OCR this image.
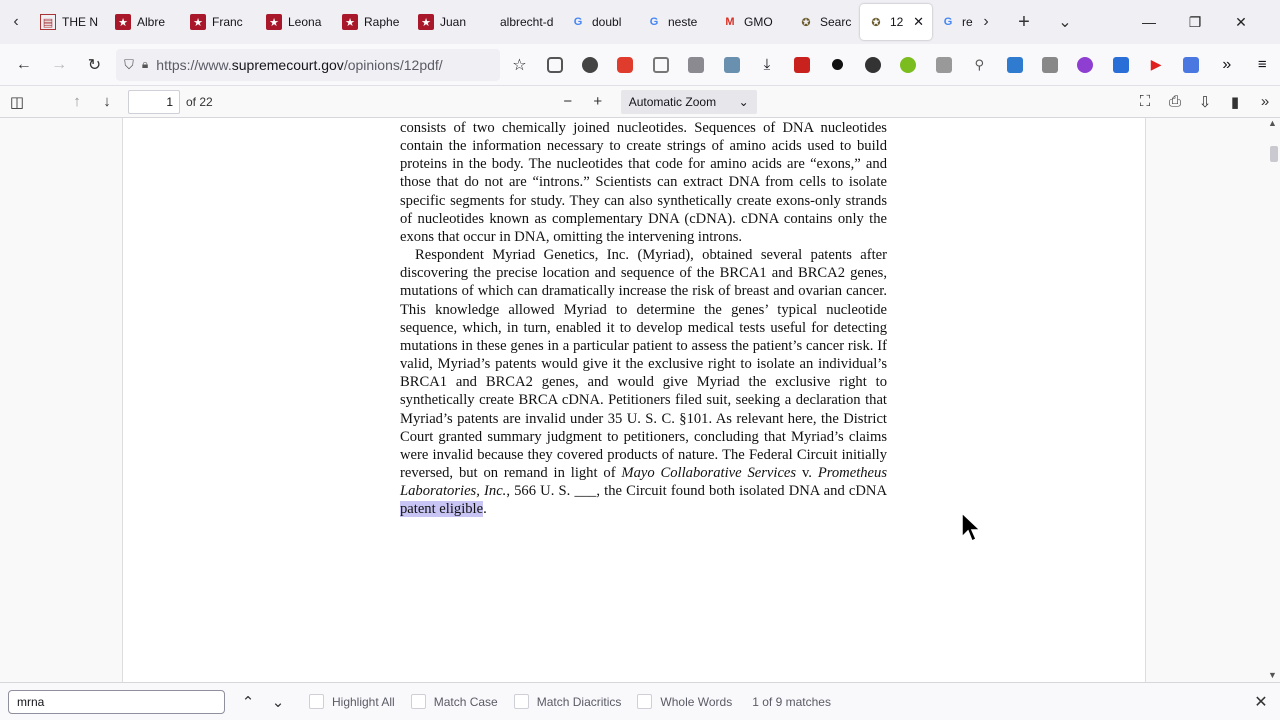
‹ ▤ THE N ★ Albre	★ Franc ★ Leona ★ Raphe ★ Juan	albrecht-d	G doubl	G neste	M GMO	✪ Searc	✪ 12 ✕	G re › + ⌄	— ❐ ✕
← → ↻ ⛉ 🔒︎ https://www.supremecourt.gov/opinions/12pdf/	☆	⤓	⚲	▶	» ≡
◫	↑ ↓	1	of 22	− + Automatic Zoom ⌄	⛶ ⎙ ⇩ ▮ »

consists of two chemically joined nucleotides. Sequences of DNA nucleotides contain the information necessary to create strings of amino acids used to build proteins in the body. The nucleotides that code for amino acids are “exons,” and those that do not are “introns.” Scientists can extract DNA from cells to isolate specific segments for study. They can also synthetically create exons-only strands of nucleotides known as complementary DNA (cDNA). cDNA contains only the exons that occur in DNA, omitting the intervening introns.

Respondent Myriad Genetics, Inc. (Myriad), obtained several patents after discovering the precise location and sequence of the BRCA1 and BRCA2 genes, mutations of which can dramatically increase the risk of breast and ovarian cancer. This knowledge allowed Myriad to determine the genes’ typical nucleotide sequence, which, in turn, enabled it to develop medical tests useful for detecting mutations in these genes in a particular patient to assess the patient’s cancer risk. If valid, Myriad’s patents would give it the exclusive right to isolate an individual’s BRCA1 and BRCA2 genes, and would give Myriad the exclusive right to synthetically create BRCA cDNA. Petitioners filed suit, seeking a declaration that Myriad’s patents are invalid under 35 U. S. C. §101. As relevant here, the District Court granted summary judgment to petitioners, concluding that Myriad’s claims were invalid because they covered products of nature. The Federal Circuit initially reversed, but on remand in light of Mayo Collaborative Services v. Prometheus Laboratories, Inc., 566 U. S. ___, the Circuit found both isolated DNA and cDNA patent eligible.

▲
▼
mrna	⌃ ⌄	Highlight All	Match Case	Match Diacritics	Whole Words 1 of 9 matches	✕
